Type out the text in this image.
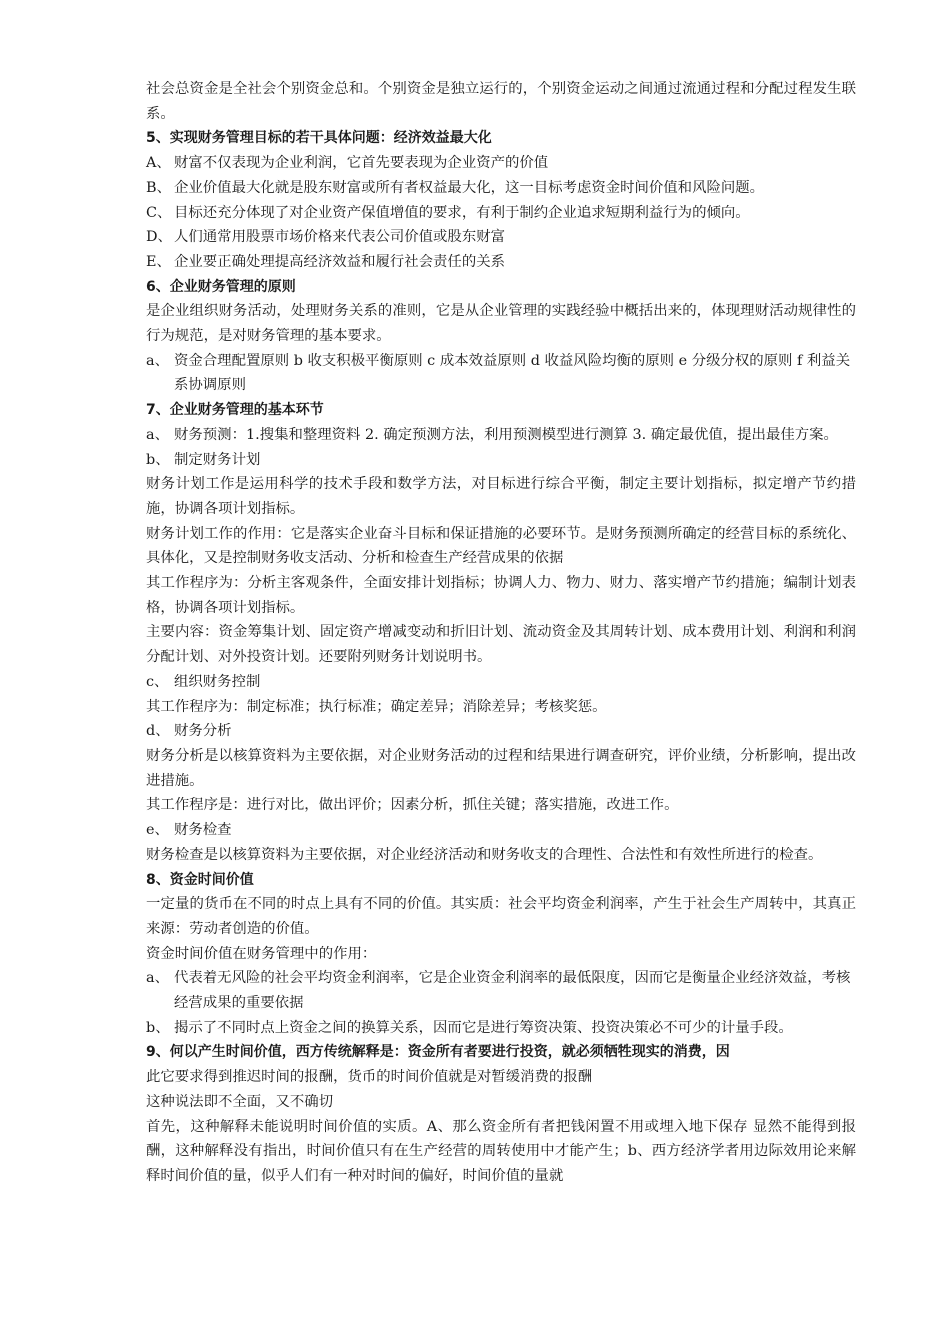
社会总资金是全社会个别资金总和。个别资金是独立运行的，个别资金运动之间通过流通过程和分配过程发生联系。

5、实现财务管理目标的若干具体问题：经济效益最大化

A、 财富不仅表现为企业利润，它首先要表现为企业资产的价值
B、 企业价值最大化就是股东财富或所有者权益最大化，这一目标考虑资金时间价值和风险问题。
C、 目标还充分体现了对企业资产保值增值的要求，有利于制约企业追求短期利益行为的倾向。
D、 人们通常用股票市场价格来代表公司价值或股东财富
E、 企业要正确处理提高经济效益和履行社会责任的关系

6、企业财务管理的原则

是企业组织财务活动，处理财务关系的准则，它是从企业管理的实践经验中概括出来的，体现理财活动规律性的行为规范，是对财务管理的基本要求。

a、 资金合理配置原则 b 收支积极平衡原则 c 成本效益原则 d 收益风险均衡的原则 e 分级分权的原则 f 利益关系协调原则

7、企业财务管理的基本环节

a、 财务预测：1.搜集和整理资料 2. 确定预测方法，利用预测模型进行测算 3. 确定最优值，提出最佳方案。
b、 制定财务计划

财务计划工作是运用科学的技术手段和数学方法，对目标进行综合平衡，制定主要计划指标，拟定增产节约措施，协调各项计划指标。

财务计划工作的作用：它是落实企业奋斗目标和保证措施的必要环节。是财务预测所确定的经营目标的系统化、具体化，又是控制财务收支活动、分析和检查生产经营成果的依据

其工作程序为：分析主客观条件，全面安排计划指标；协调人力、物力、财力、落实增产节约措施；编制计划表格，协调各项计划指标。

主要内容：资金筹集计划、固定资产增减变动和折旧计划、流动资金及其周转计划、成本费用计划、利润和利润分配计划、对外投资计划。还要附列财务计划说明书。

c、 组织财务控制

其工作程序为：制定标准；执行标准；确定差异；消除差异；考核奖惩。

d、 财务分析

财务分析是以核算资料为主要依据，对企业财务活动的过程和结果进行调查研究，评价业绩，分析影响，提出改进措施。

其工作程序是：进行对比，做出评价；因素分析，抓住关键；落实措施，改进工作。

e、 财务检查

财务检查是以核算资料为主要依据，对企业经济活动和财务收支的合理性、合法性和有效性所进行的检查。

8、资金时间价值

一定量的货币在不同的时点上具有不同的价值。其实质：社会平均资金利润率，产生于社会生产周转中，其真正来源：劳动者创造的价值。

资金时间价值在财务管理中的作用：

a、 代表着无风险的社会平均资金利润率，它是企业资金利润率的最低限度，因而它是衡量企业经济效益，考核经营成果的重要依据
b、 揭示了不同时点上资金之间的换算关系，因而它是进行筹资决策、投资决策必不可少的计量手段。

9、何以产生时间价值，西方传统解释是：资金所有者要进行投资，就必须牺牲现实的消费，因

此它要求得到推迟时间的报酬，货币的时间价值就是对暂缓消费的报酬

这种说法即不全面，又不确切

首先，这种解释未能说明时间价值的实质。A、那么资金所有者把钱闲置不用或埋入地下保存 显然不能得到报酬，这种解释没有指出，时间价值只有在生产经营的周转使用中才能产生；b、西方经济学者用边际效用论来解释时间价值的量，似乎人们有一种对时间的偏好，时间价值的量就
